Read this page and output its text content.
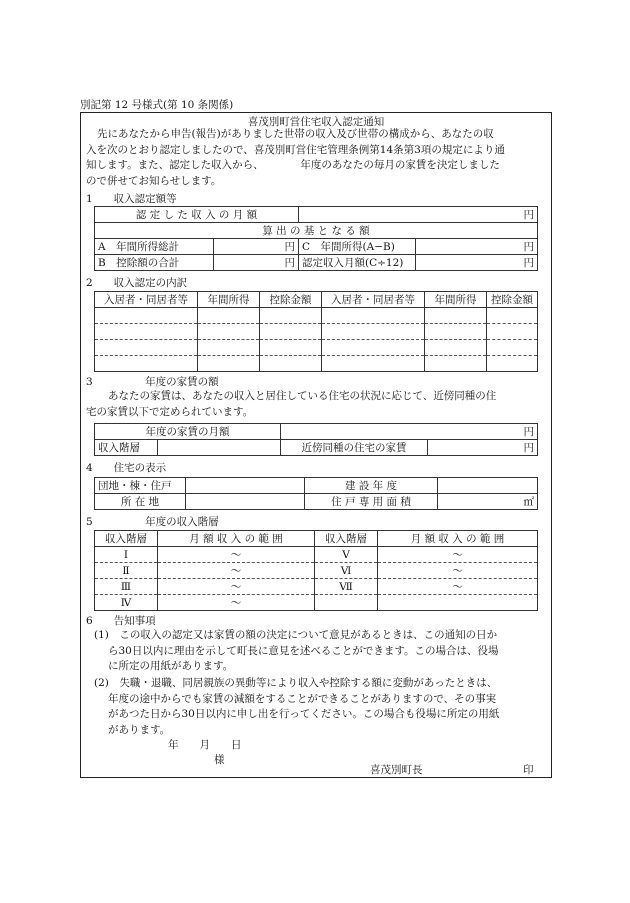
別記第 12 号様式(第 10 条関係)
喜茂別町営住宅収入認定通知
先にあなたから申告(報告)がありました世帯の収入及び世帯の構成から、あなたの収
入を次のとおり認定しましたので、喜茂別町営住宅管理条例第14条第3項の規定により通
知します。また、認定した収入から、　　　　年度のあなたの毎月の家賃を決定しました
ので併せてお知らせします。
1　　収入認定額等
認 定 し た 収 入 の 月 額		円	
算 出 の 基 と な る 額			
A　年間所得総計	円	C　年間所得(A−B)	円
B　控除額の合計	円	認定収入月額(C÷12)	円
2　　収入認定の内訳
入居者・同居者等	年間所得	控除金額	入居者・同居者等	年間所得	控除金額

3　　　　　年度の家賃の額
あなたの家賃は、あなたの収入と居住している住宅の状況に応じて、近傍同種の住
宅の家賃以下で定められています。
年度の家賃の月額		円	
収入階層		近傍同種の住宅の家賃	円
4　　住宅の表示
団地・棟・住戸		建 設 年 度	
所 在 地		住 戸 専 用 面 積	㎡
5　　　　　年度の収入階層
収入階層	月 額 収 入 の 範 囲	収入階層	月 額 収 入 の 範 囲
Ⅰ	〜	Ⅴ	〜
Ⅱ	〜	Ⅵ	〜
Ⅲ	〜	Ⅶ	〜
Ⅳ	〜		
6　　告知事項
(1)　この収入の認定又は家賃の額の決定について意見があるときは、この通知の日か
ら30日以内に理由を示して町長に意見を述べることができます。この場合は、役場
に所定の用紙があります。
(2)　失職・退職、同居親族の異動等により収入や控除する額に変動があったときは、
年度の途中からでも家賃の減額をすることができることがありますので、その事実
があつた日から30日以内に申し出を行ってください。この場合も役場に所定の用紙
があります。
年　　月　　日
様
喜茂別町長	印
